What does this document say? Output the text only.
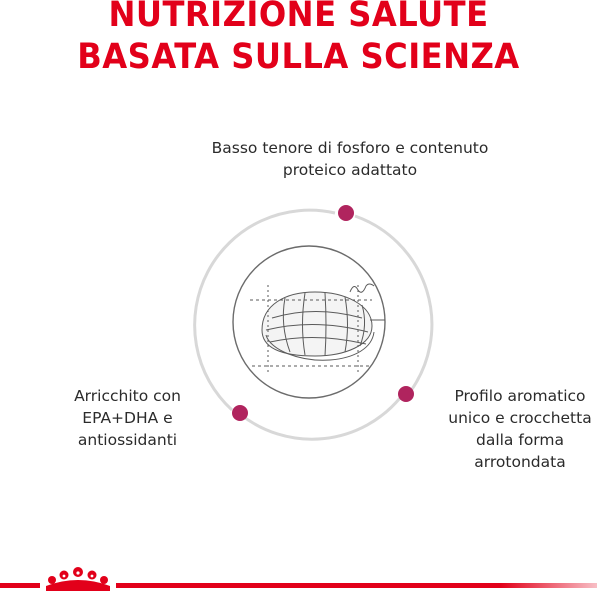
NUTRIZIONE SALUTE
BASATA SULLA SCIENZA
Basso tenore di fosforo e contenuto
proteico adattato
Arricchito con
EPA+DHA e
antiossidanti
Profilo aromatico
unico e crocchetta
dalla forma
arrotondata
